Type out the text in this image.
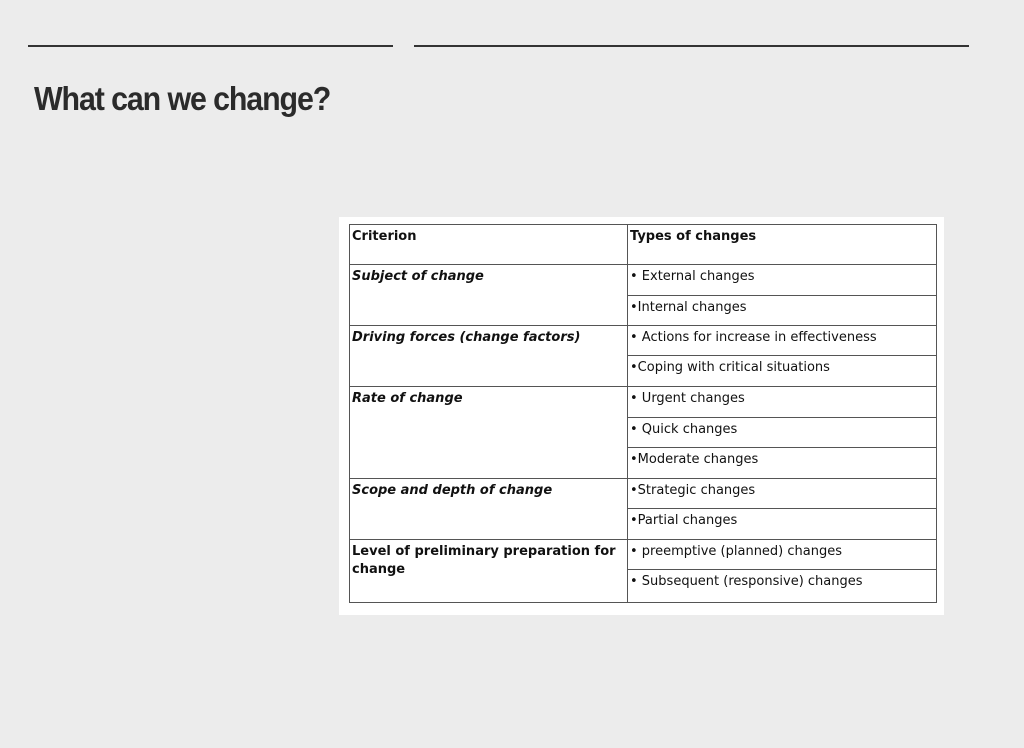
What can we change?
Criterion	Types of changes
Subject of change	• External changes
	•Internal changes
Driving forces (change factors)	• Actions for increase in effectiveness
	•Coping with critical situations
Rate of change	• Urgent changes
	• Quick changes
	•Moderate changes
Scope and depth of change	•Strategic changes
	•Partial changes
Level of preliminary preparation for change	• preemptive (planned) changes
	• Subsequent (responsive) changes
